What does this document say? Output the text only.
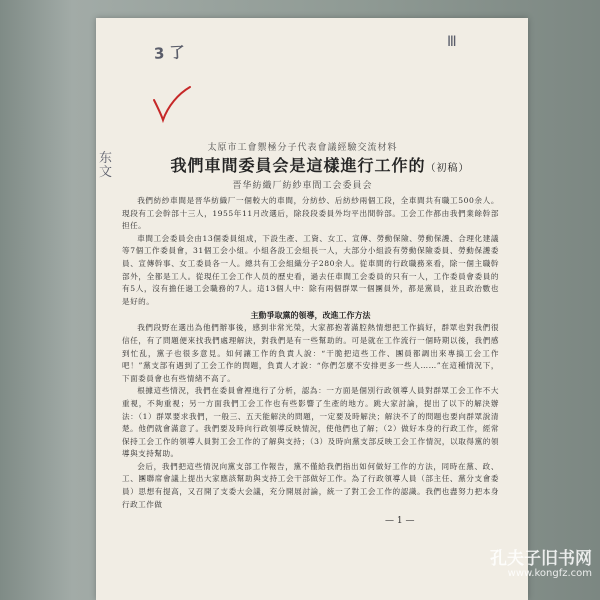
3 了
东文
Ⅲ
太原市工會禦極分子代表會議經驗交流材料
我們車間委員会是這樣進行工作的（初稿）
晋华紡織厂紡紗車間工会委員会

我們紡紗車間是晋华紡織厂一個較大的車間，分紡紗、后紡紗兩個工段，全車間共有職工500余人。現段有工会幹部十三人，1955年11月改選后，除段段委員外均平出間幹部。工会工作都由我們業餘幹部担任。

車間工会委員会由13個委員組成，下設生產、工資、女工、宣傳、勞動保險、勞動保護、合理化建議等7個工作委員會，31個工会小組。小組各設工会組長一人，大部分小組設有勞動保險委員、勞動保護委員、宣傳幹事、女工委員各一人。總共有工会組織分子280余人。從車間的行政職務來看，除一個主職幹部外，全都是工人。從現任工会工作人员的歷史看，過去任車間工会委員的只有一人，工作委員會委員的有5人，沒有擔任過工会職務的7人。這13個人中：除有兩個群眾一個團員外，都是黨員，並且政治數也是好的。

主動爭取黨的領導，改進工作方法

我們段野在選出為他們辦事後，感到非常光榮，大家都抱著滿腔熱情想把工作搞好，群眾也對我們很信任，有了問題便來找我們處理解決，對我們是有一些幫助的。可是就在工作流行一個時期以後，我們感到忙乱，黨子也很多意見。如何讓工作的負責人說：“干脆把這些工作、團員都調出來專搞工会工作吧！”黨支部有遇到了工会工作的問題，負責人才說：“你們怎麼不安排更多一些人……”在這種情況下，下面委員會也有些情緒不高了。

根據這些情況，我們在委員會裡進行了分析，認為：一方面是個別行政領導人員對群眾工会工作不大重視，不夠重視；另一方面我們工会工作也有些影響了生產的地方。跳大家討論，提出了以下的解決辦法：（1）群眾要求我們，一般三、五天能解決的問題，一定要及時解決；解決不了的問題也要向群眾說清楚。他們就會滿意了。我們要及時向行政領導反映情況，使他們也了解；（2）做好本身的行政工作，經常保持工会工作的領導人員對工会工作的了解與支持；（3）及時向黨支部反映工会工作情況，以取得黨的領導與支持幫助。

会后，我們把這些情況向黨支部工作報告，黨不僅給我們指出如何做好工作的方法，同時在黨、政、工、團聯席會議上提出大家應該幫助與支持工会干部做好工作。為了行政領導人員（部主任、黨分支會委員）思想有提高，又召開了支委大会議，充分開展討論，統一了對工会工作的認識。我們也盡努力把本身行政工作做

— 1 —
孔夫子旧书网
www.kongfz.com
